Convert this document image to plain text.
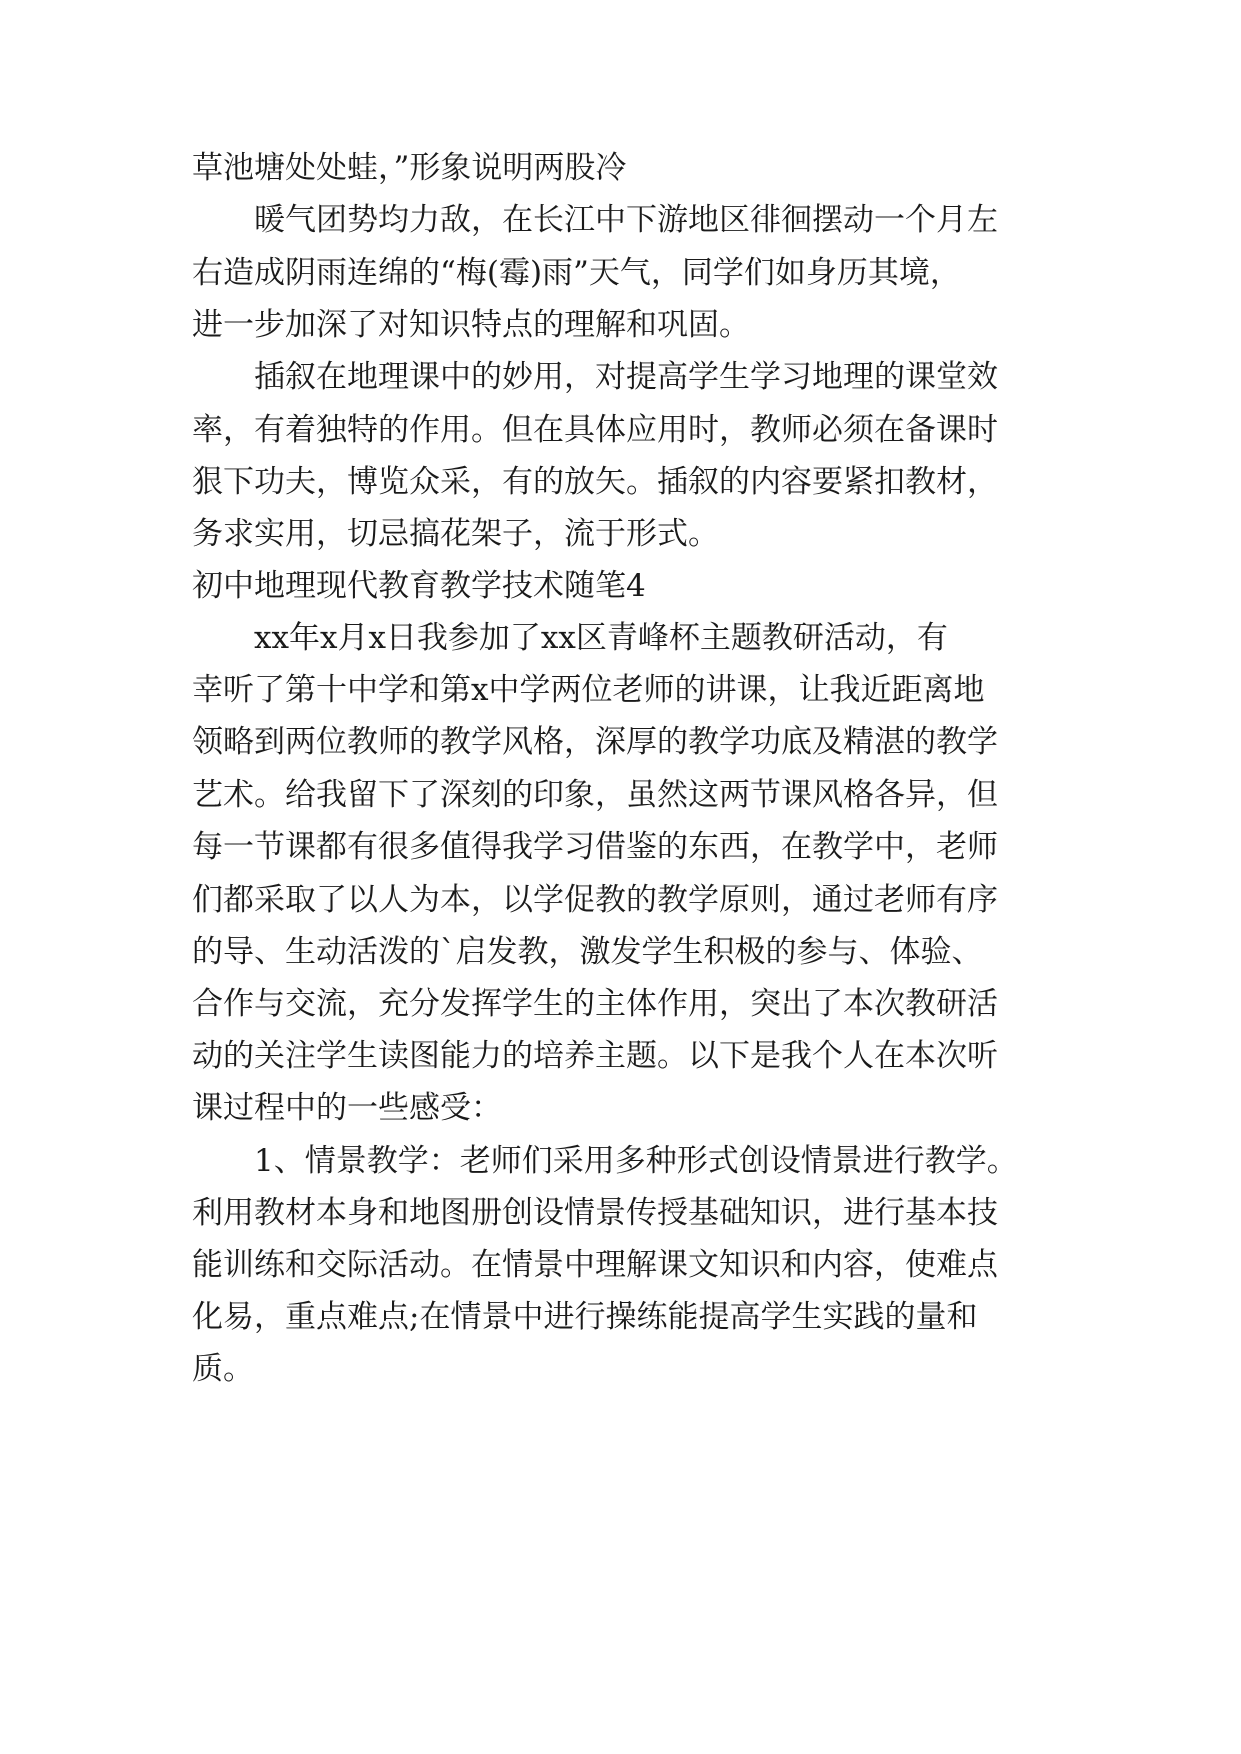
草池塘处处蛙，”形象说明两股冷
暖气团势均力敌，在长江中下游地区徘徊摆动一个月左
右造成阴雨连绵的“梅(霉)雨”天气，同学们如身历其境，
进一步加深了对知识特点的理解和巩固。
插叙在地理课中的妙用，对提高学生学习地理的课堂效
率，有着独特的作用。但在具体应用时，教师必须在备课时
狠下功夫，博览众采，有的放矢。插叙的内容要紧扣教材，
务求实用，切忌搞花架子，流于形式。
初中地理现代教育教学技术随笔4
xx年x月x日我参加了xx区青峰杯主题教研活动，有
幸听了第十中学和第x中学两位老师的讲课，让我近距离地
领略到两位教师的教学风格，深厚的教学功底及精湛的教学
艺术。给我留下了深刻的印象，虽然这两节课风格各异，但
每一节课都有很多值得我学习借鉴的东西，在教学中，老师
们都采取了以人为本，以学促教的教学原则，通过老师有序
的导、生动活泼的`启发教，激发学生积极的参与、体验、
合作与交流，充分发挥学生的主体作用，突出了本次教研活
动的关注学生读图能力的培养主题。以下是我个人在本次听
课过程中的一些感受：
1、情景教学：老师们采用多种形式创设情景进行教学。
利用教材本身和地图册创设情景传授基础知识，进行基本技
能训练和交际活动。在情景中理解课文知识和内容，使难点
化易，重点难点;在情景中进行操练能提高学生实践的量和
质。
